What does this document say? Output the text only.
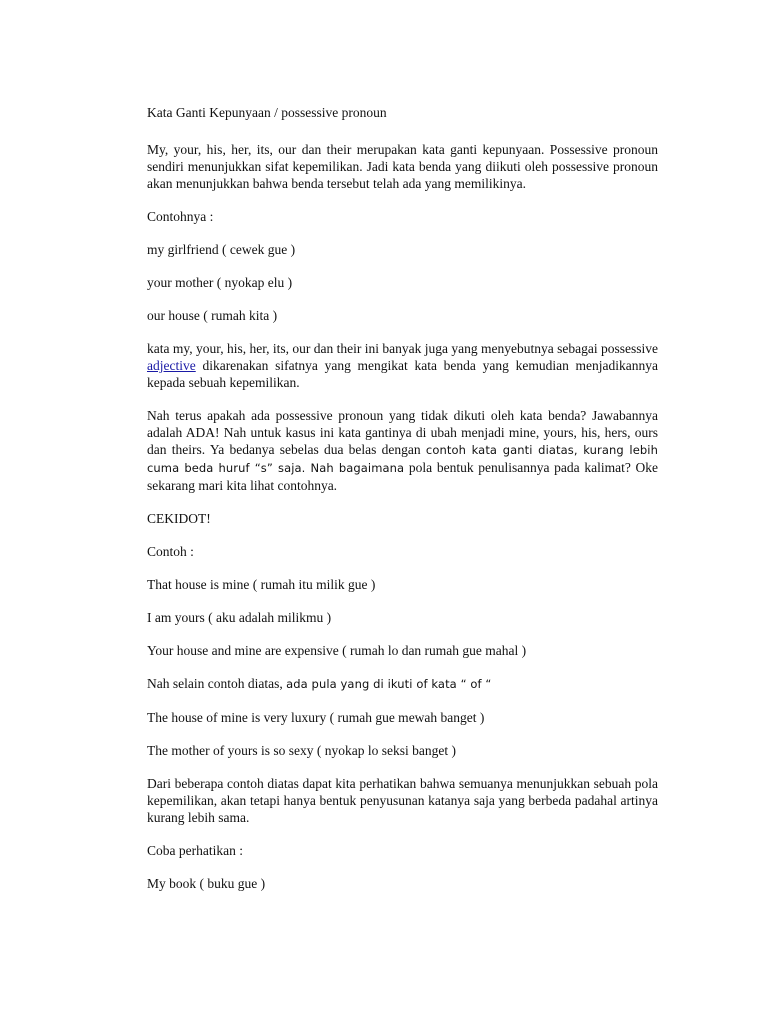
Kata Ganti Kepunyaan / possessive pronoun

My, your, his, her, its, our dan their merupakan kata ganti kepunyaan. Possessive pronoun sendiri menunjukkan sifat kepemilikan. Jadi kata benda yang diikuti oleh possessive pronoun akan menunjukkan bahwa benda tersebut telah ada yang memilikinya.

Contohnya :

my girlfriend ( cewek gue )

your mother ( nyokap elu )

our house ( rumah kita )

kata my, your, his, her, its, our dan their ini banyak juga yang menyebutnya sebagai possessive adjective dikarenakan sifatnya yang mengikat kata benda yang kemudian menjadikannya kepada sebuah kepemilikan.

Nah terus apakah ada possessive pronoun yang tidak dikuti oleh kata benda? Jawabannya adalah ADA! Nah untuk kasus ini kata gantinya di ubah menjadi mine, yours, his, hers, ours dan theirs. Ya bedanya sebelas dua belas dengan contoh kata ganti diatas, kurang lebih cuma beda huruf “s” saja. Nah bagaimana pola bentuk penulisannya pada kalimat? Oke sekarang mari kita lihat contohnya.

CEKIDOT!

Contoh :

That house is mine ( rumah itu milik gue )

I am yours ( aku adalah milikmu )

Your house and mine are expensive ( rumah lo dan rumah gue mahal )

Nah selain contoh diatas, ada pula yang di ikuti of kata “ of “

The house of mine is very luxury ( rumah gue mewah banget )

The mother of yours is so sexy ( nyokap lo seksi banget )

Dari beberapa contoh diatas dapat kita perhatikan bahwa semuanya menunjukkan sebuah pola kepemilikan, akan tetapi hanya bentuk penyusunan katanya saja yang berbeda padahal artinya kurang lebih sama.

Coba perhatikan :

My book ( buku gue )
